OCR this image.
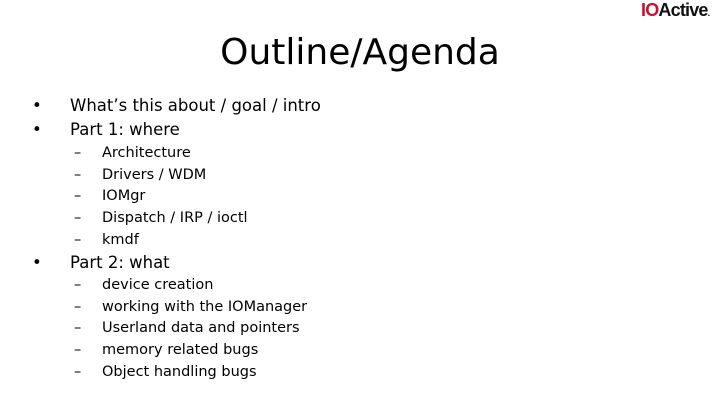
IO Active .
Outline/Agenda
•	What’s this about / goal / intro
•	Part 1: where
–	Architecture
–	Drivers / WDM
–	IOMgr
–	Dispatch / IRP / ioctl
–	kmdf
•	Part 2: what
–	device creation
–	working with the IOManager
–	Userland data and pointers
–	memory related bugs
–	Object handling bugs
